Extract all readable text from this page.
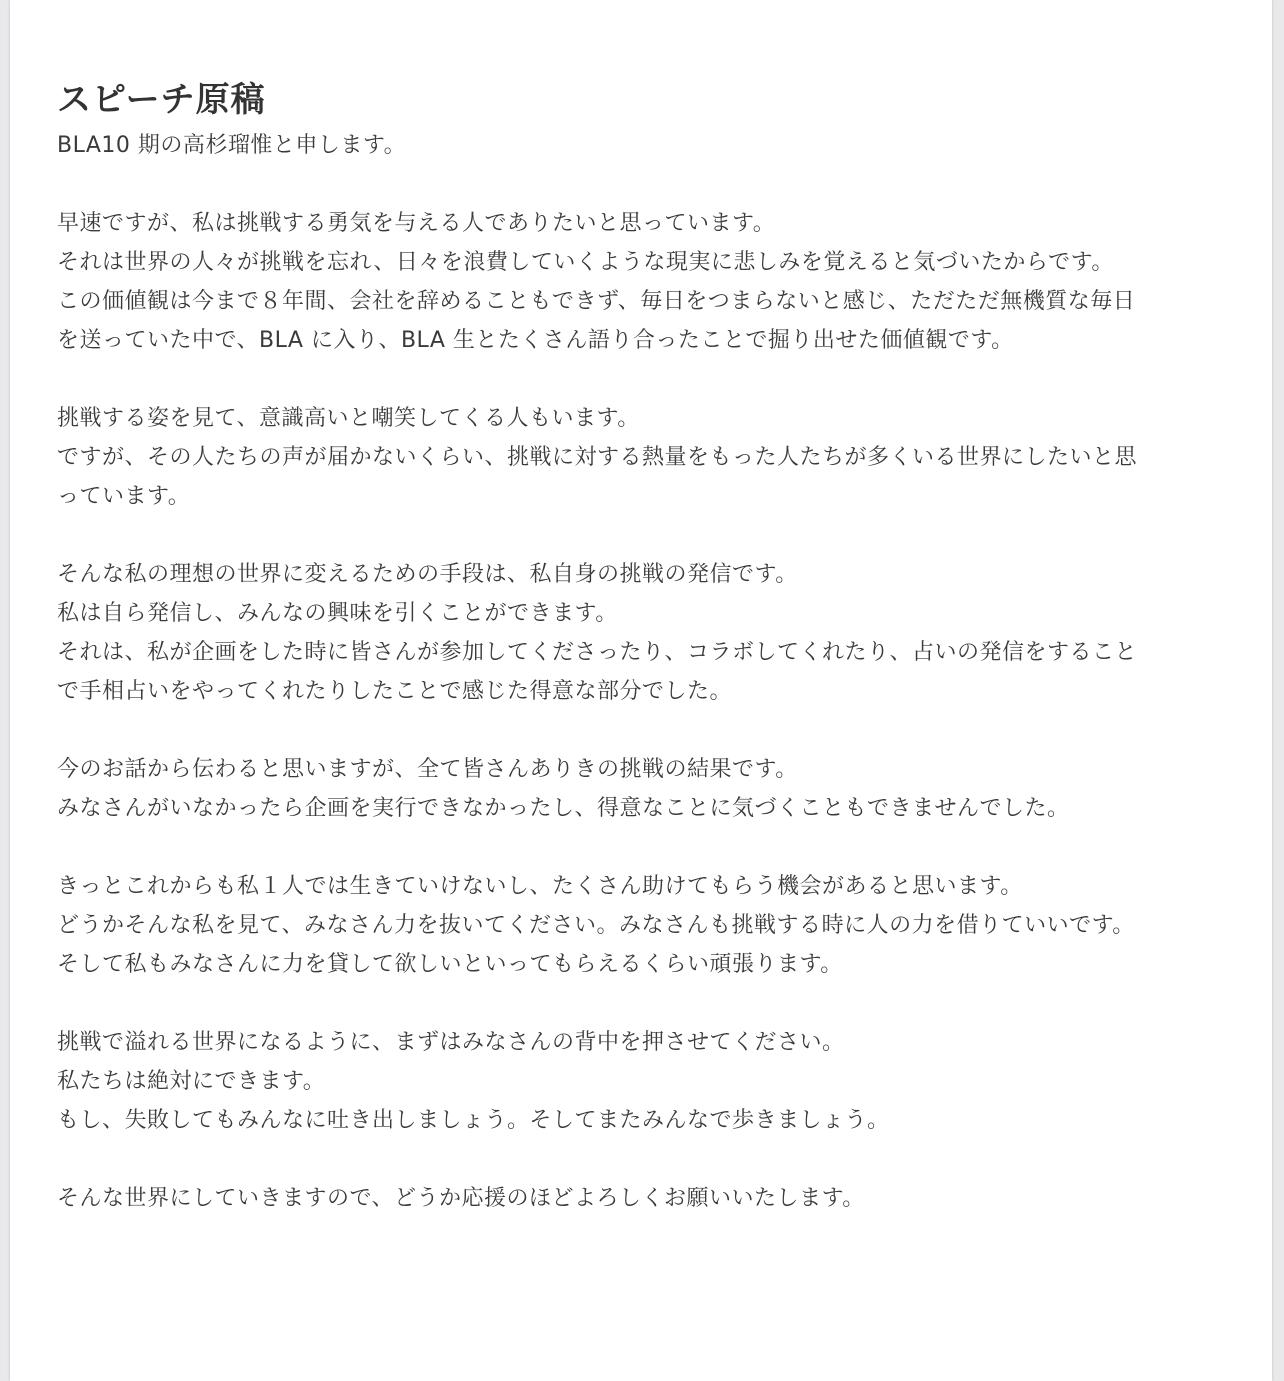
スピーチ原稿

BLA10 期の高杉瑠惟と申します。

早速ですが、私は挑戦する勇気を与える人でありたいと思っています。

それは世界の人々が挑戦を忘れ、日々を浪費していくような現実に悲しみを覚えると気づいたからです。

この価値観は今まで８年間、会社を辞めることもできず、毎日をつまらないと感じ、ただただ無機質な毎日

を送っていた中で、BLA に入り、BLA 生とたくさん語り合ったことで掘り出せた価値観です。

挑戦する姿を見て、意識高いと嘲笑してくる人もいます。

ですが、その人たちの声が届かないくらい、挑戦に対する熱量をもった人たちが多くいる世界にしたいと思

っています。

そんな私の理想の世界に変えるための手段は、私自身の挑戦の発信です。

私は自ら発信し、みんなの興味を引くことができます。

それは、私が企画をした時に皆さんが参加してくださったり、コラボしてくれたり、占いの発信をすること

で手相占いをやってくれたりしたことで感じた得意な部分でした。

今のお話から伝わると思いますが、全て皆さんありきの挑戦の結果です。

みなさんがいなかったら企画を実行できなかったし、得意なことに気づくこともできませんでした。

きっとこれからも私１人では生きていけないし、たくさん助けてもらう機会があると思います。

どうかそんな私を見て、みなさん力を抜いてください。みなさんも挑戦する時に人の力を借りていいです。

そして私もみなさんに力を貸して欲しいといってもらえるくらい頑張ります。

挑戦で溢れる世界になるように、まずはみなさんの背中を押させてください。

私たちは絶対にできます。

もし、失敗してもみんなに吐き出しましょう。そしてまたみんなで歩きましょう。

そんな世界にしていきますので、どうか応援のほどよろしくお願いいたします。
